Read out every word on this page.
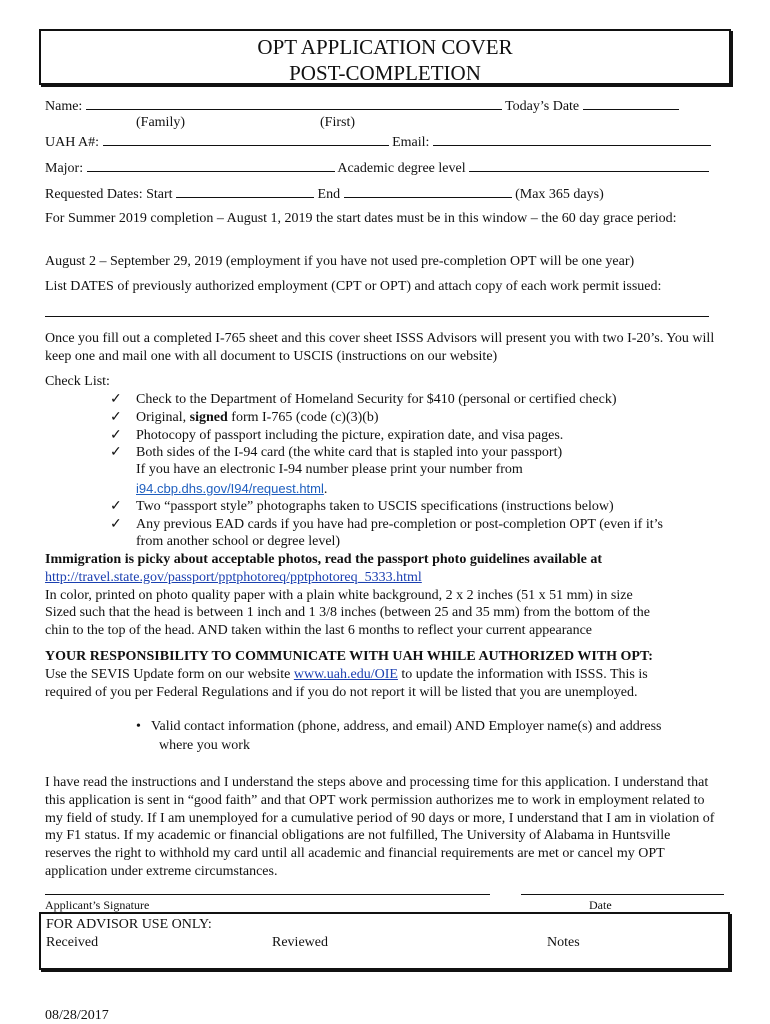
OPT APPLICATION COVER
POST-COMPLETION
Name:	Today’s Date
(Family)	(First)
UAH A#:	Email:
Major:	Academic degree level
Requested Dates: Start	End	(Max 365 days)
For Summer 2019 completion – August 1, 2019 the start dates must be in this window – the 60 day grace period:
August 2 – September 29, 2019 (employment if you have not used pre-completion OPT will be one year)
List DATES of previously authorized employment (CPT or OPT) and attach copy of each work permit issued:
Once you fill out a completed I-765 sheet and this cover sheet ISSS Advisors will present you with two I-20’s. You will keep one and mail one with all document to USCIS (instructions on our website)
Check List:
✓ Check to the Department of Homeland Security for $410 (personal or certified check)
✓ Original, signed form I-765 (code (c)(3)(b)
✓ Photocopy of passport including the picture, expiration date, and visa pages.
✓ Both sides of the I-94 card (the white card that is stapled into your passport)
If you have an electronic I-94 number please print your number from
i94.cbp.dhs.gov/I94/request.html.
✓ Two “passport style” photographs taken to USCIS specifications (instructions below)
✓ Any previous EAD cards if you have had pre-completion or post-completion OPT (even if it’s
from another school or degree level)
Immigration is picky about acceptable photos, read the passport photo guidelines available at
http://travel.state.gov/passport/pptphotoreq/pptphotoreq_5333.html
In color, printed on photo quality paper with a plain white background, 2 x 2 inches (51 x 51 mm) in size
Sized such that the head is between 1 inch and 1 3/8 inches (between 25 and 35 mm) from the bottom of the
chin to the top of the head. AND taken within the last 6 months to reflect your current appearance
YOUR RESPONSIBILITY TO COMMUNICATE WITH UAH WHILE AUTHORIZED WITH OPT:
Use the SEVIS Update form on our website www.uah.edu/OIE to update the information with ISSS. This is
required of you per Federal Regulations and if you do not report it will be listed that you are unemployed.
• Valid contact information (phone, address, and email) AND Employer name(s) and address
where you work
I have read the instructions and I understand the steps above and processing time for this application. I understand that this application is sent in “good faith” and that OPT work permission authorizes me to work in employment related to my field of study. If I am unemployed for a cumulative period of 90 days or more, I understand that I am in violation of my F1 status. If my academic or financial obligations are not fulfilled, The University of Alabama in Huntsville reserves the right to withhold my card until all academic and financial requirements are met or cancel my OPT application under extreme circumstances.
Applicant’s Signature	Date
FOR ADVISOR USE ONLY:
Received	Reviewed	Notes
08/28/2017
